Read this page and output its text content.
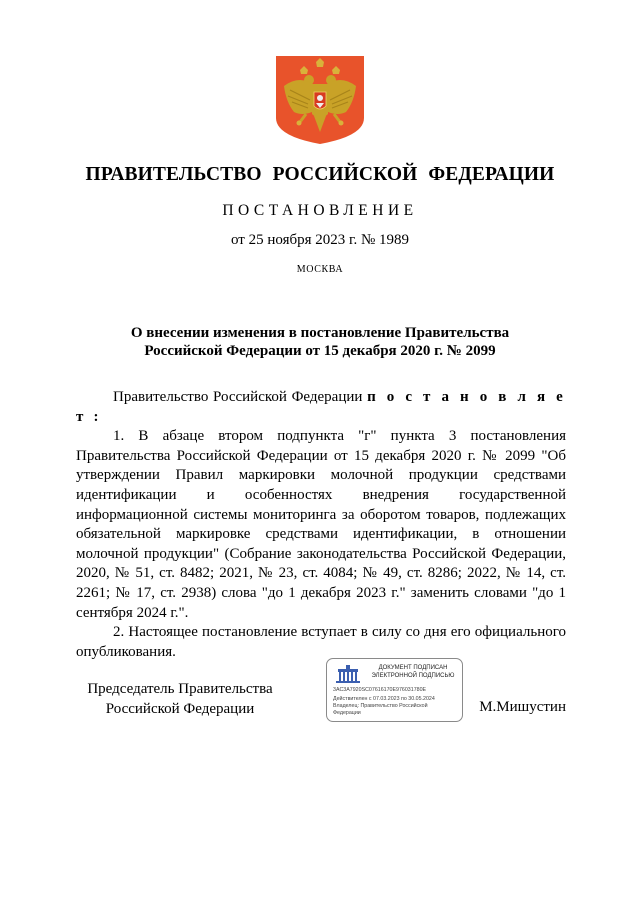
ПРАВИТЕЛЬСТВО РОССИЙСКОЙ ФЕДЕРАЦИИ
ПОСТАНОВЛЕНИЕ
от 25 ноября 2023 г. № 1989
МОСКВА
О внесении изменения в постановление Правительства
Российской Федерации от 15 декабря 2020 г. № 2099

Правительство Российской Федерации п о с т а н о в л я е т :

1. В абзаце втором подпункта "г" пункта 3 постановления Правительства Российской Федерации от 15 декабря 2020 г. № 2099 "Об утверждении Правил маркировки молочной продукции средствами идентификации и особенностях внедрения государственной информационной системы мониторинга за оборотом товаров, подлежащих обязательной маркировке средствами идентификации, в отношении молочной продукции" (Собрание законодательства Российской Федерации, 2020, № 51, ст. 8482; 2021, № 23, ст. 4084; № 49, ст. 8286; 2022, № 14, ст. 2261; № 17, ст. 2938) слова "до 1 декабря 2023 г." заменить словами "до 1 сентября 2024 г.".

2. Настоящее постановление вступает в силу со дня его официального опубликования.

Председатель Правительства
Российской Федерации
ДОКУМЕНТ ПОДПИСАН
ЭЛЕКТРОННОЙ ПОДПИСЬЮ
3AC3A7920SC07616170E976031780E
Действителен с 07.03.2023 по 30.05.2024
Владелец: Правительство Российской
Федерации	М.Мишустин
